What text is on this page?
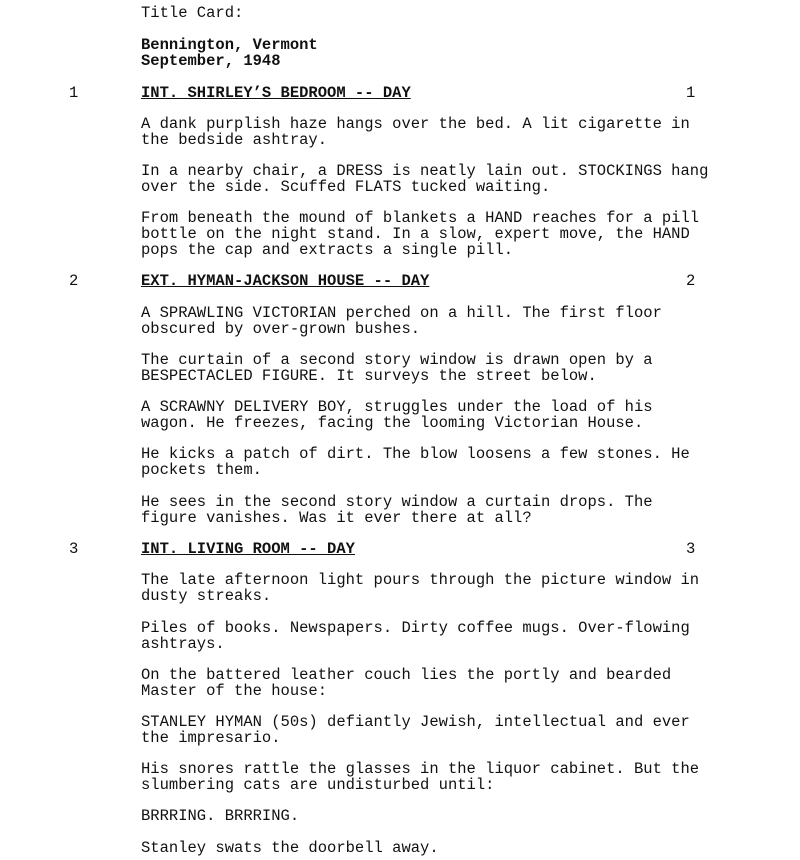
Title Card:
Bennington, Vermont
September, 1948
1	INT. SHIRLEY’S BEDROOM -- DAY	1
A dank purplish haze hangs over the bed. A lit cigarette in
the bedside ashtray.
In a nearby chair, a DRESS is neatly lain out. STOCKINGS hang
over the side. Scuffed FLATS tucked waiting.
From beneath the mound of blankets a HAND reaches for a pill
bottle on the night stand. In a slow, expert move, the HAND
pops the cap and extracts a single pill.
2	EXT. HYMAN-JACKSON HOUSE -- DAY	2
A SPRAWLING VICTORIAN perched on a hill. The first floor
obscured by over-grown bushes.
The curtain of a second story window is drawn open by a
BESPECTACLED FIGURE. It surveys the street below.
A SCRAWNY DELIVERY BOY, struggles under the load of his
wagon. He freezes, facing the looming Victorian House.
He kicks a patch of dirt. The blow loosens a few stones. He
pockets them.
He sees in the second story window a curtain drops. The
figure vanishes. Was it ever there at all?
3	INT. LIVING ROOM -- DAY	3
The late afternoon light pours through the picture window in
dusty streaks.
Piles of books. Newspapers. Dirty coffee mugs. Over-flowing
ashtrays.
On the battered leather couch lies the portly and bearded
Master of the house:
STANLEY HYMAN (50s) defiantly Jewish, intellectual and ever
the impresario.
His snores rattle the glasses in the liquor cabinet. But the
slumbering cats are undisturbed until:
BRRRING. BRRRING.
Stanley swats the doorbell away.
